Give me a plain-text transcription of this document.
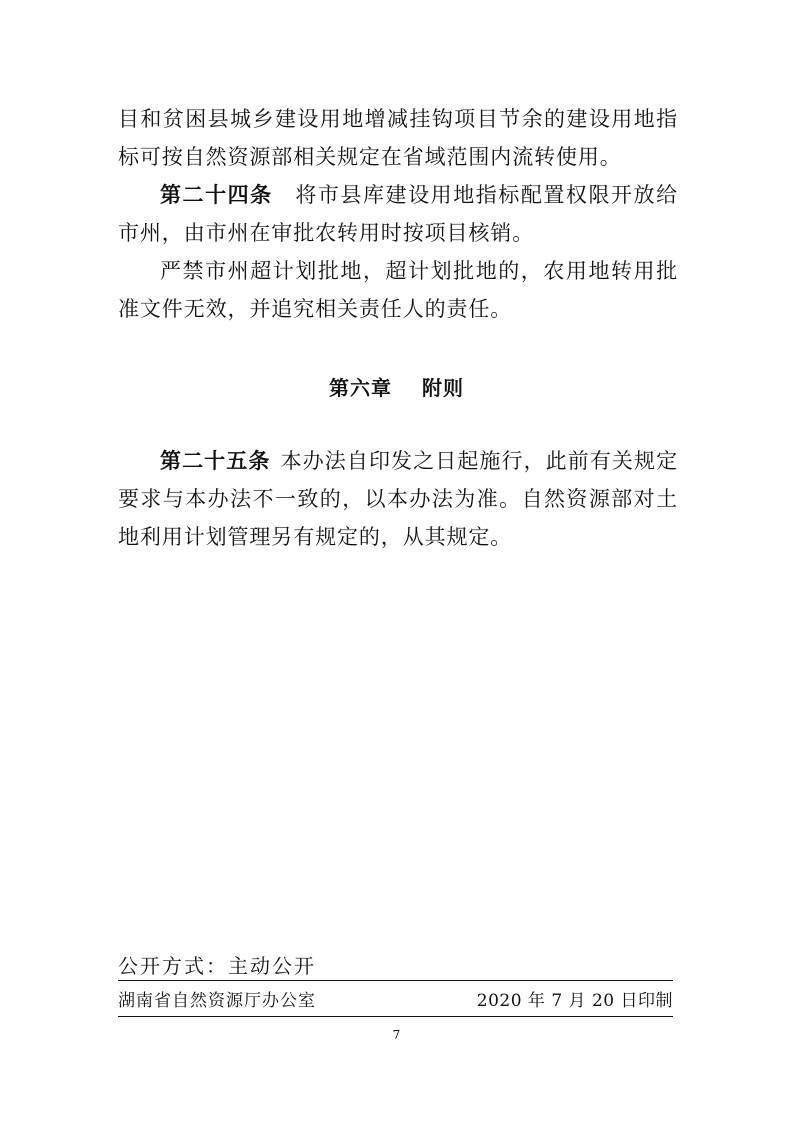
目和贫困县城乡建设用地增减挂钩项目节余的建设用地指标可按自然资源部相关规定在省域范围内流转使用。

第二十四条 将市县库建设用地指标配置权限开放给市州，由市州在审批农转用时按项目核销。

严禁市州超计划批地，超计划批地的，农用地转用批准文件无效，并追究相关责任人的责任。

第六章 附则

第二十五条 本办法自印发之日起施行，此前有关规定要求与本办法不一致的，以本办法为准。自然资源部对土地利用计划管理另有规定的，从其规定。

公开方式：主动公开
湖南省自然资源厅办公室	2020 年 7 月 20 日印制
7
